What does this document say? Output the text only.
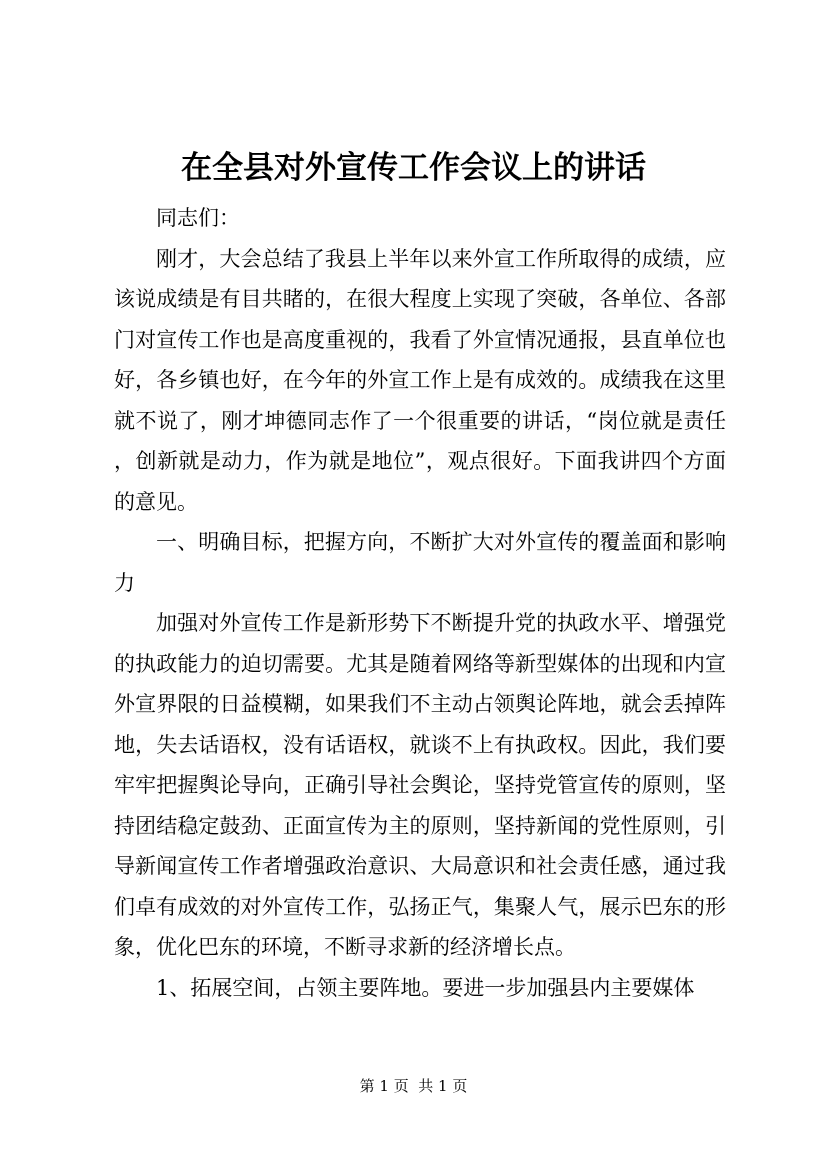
在全县对外宣传工作会议上的讲话

同志们：

刚才，大会总结了我县上半年以来外宣工作所取得的成绩，应该说成绩是有目共睹的，在很大程度上实现了突破，各单位、各部门对宣传工作也是高度重视的，我看了外宣情况通报，县直单位也好，各乡镇也好，在今年的外宣工作上是有成效的。成绩我在这里就不说了，刚才坤德同志作了一个很重要的讲话，“岗位就是责任，创新就是动力，作为就是地位”，观点很好。下面我讲四个方面的意见。

一、明确目标，把握方向，不断扩大对外宣传的覆盖面和影响力

加强对外宣传工作是新形势下不断提升党的执政水平、增强党的执政能力的迫切需要。尤其是随着网络等新型媒体的出现和内宣外宣界限的日益模糊，如果我们不主动占领舆论阵地，就会丢掉阵地，失去话语权，没有话语权，就谈不上有执政权。因此，我们要牢牢把握舆论导向，正确引导社会舆论，坚持党管宣传的原则，坚持团结稳定鼓劲、正面宣传为主的原则，坚持新闻的党性原则，引导新闻宣传工作者增强政治意识、大局意识和社会责任感，通过我们卓有成效的对外宣传工作，弘扬正气，集聚人气，展示巴东的形象，优化巴东的环境，不断寻求新的经济增长点。

1、拓展空间，占领主要阵地。要进一步加强县内主要媒体

第 1 页  共 1 页
